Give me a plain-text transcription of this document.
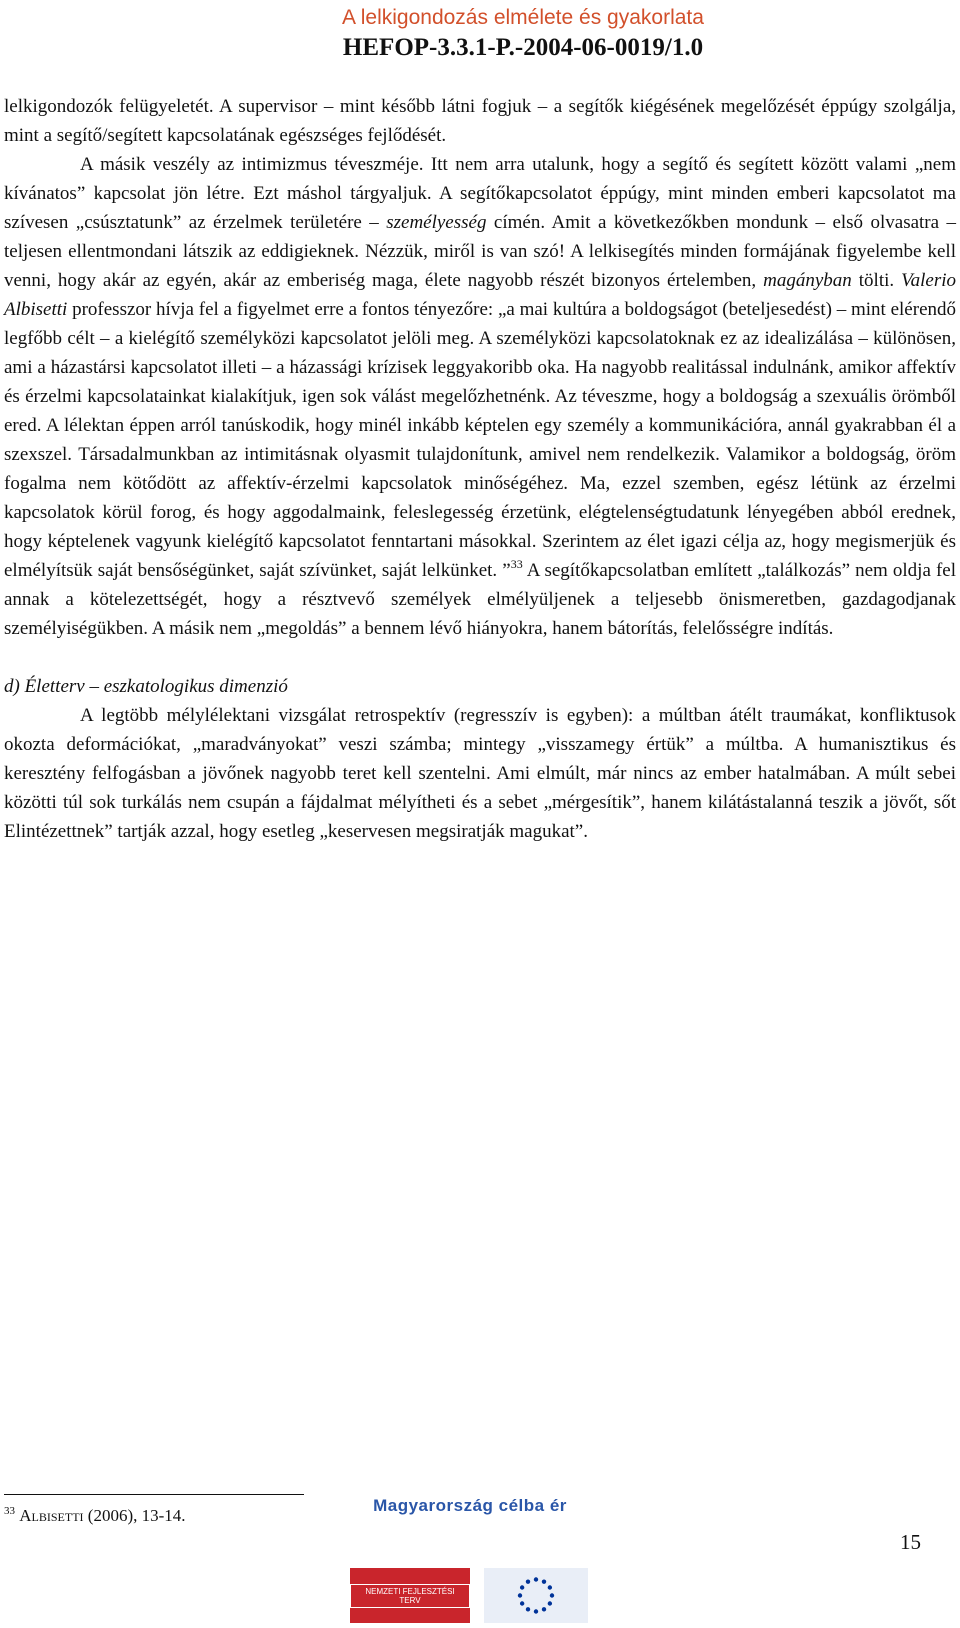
A lelkigondozás elmélete és gyakorlata
HEFOP-3.3.1-P.-2004-06-0019/1.0

lelkigondozók felügyeletét. A supervisor – mint később látni fogjuk – a segítők kiégésének megelőzését éppúgy szolgálja, mint a segítő/segített kapcsolatának egészséges fejlődését.

A másik veszély az intimizmus téveszméje. Itt nem arra utalunk, hogy a segítő és segített között valami „nem kívánatos” kapcsolat jön létre. Ezt máshol tárgyaljuk. A segítőkapcsolatot éppúgy, mint minden emberi kapcsolatot ma szívesen „csúsztatunk” az érzelmek területére – személyesség címén. Amit a következőkben mondunk – első olvasatra – teljesen ellentmondani látszik az eddigieknek. Nézzük, miről is van szó! A lelkisegítés minden formájának figyelembe kell venni, hogy akár az egyén, akár az emberiség maga, élete nagyobb részét bizonyos értelemben, magányban tölti. Valerio Albisetti professzor hívja fel a figyelmet erre a fontos tényezőre: „a mai kultúra a boldogságot (beteljesedést) – mint elérendő legfőbb célt – a kielégítő személyközi kapcsolatot jelöli meg. A személyközi kapcsolatoknak ez az idealizálása – különösen, ami a házastársi kapcsolatot illeti – a házassági krízisek leggyakoribb oka. Ha nagyobb realitással indulnánk, amikor affektív és érzelmi kapcsolatainkat kialakítjuk, igen sok válást megelőzhetnénk. Az téveszme, hogy a boldogság a szexuális örömből ered. A lélektan éppen arról tanúskodik, hogy minél inkább képtelen egy személy a kommunikációra, annál gyakrabban él a szexszel. Társadalmunkban az intimitásnak olyasmit tulajdonítunk, amivel nem rendelkezik. Valamikor a boldogság, öröm fogalma nem kötődött az affektív-érzelmi kapcsolatok minőségéhez. Ma, ezzel szemben, egész létünk az érzelmi kapcsolatok körül forog, és hogy aggodalmaink, feleslegesség érzetünk, elégtelenségtudatunk lényegében abból erednek, hogy képtelenek vagyunk kielégítő kapcsolatot fenntartani másokkal. Szerintem az élet igazi célja az, hogy megismerjük és elmélyítsük saját bensőségünket, saját szívünket, saját lelkünket. ”$^{33}$ A segítőkapcsolatban említett „találkozás” nem oldja fel annak a kötelezettségét, hogy a résztvevő személyek elmélyüljenek a teljesebb önismeretben, gazdagodjanak személyiségükben. A másik nem „megoldás” a bennem lévő hiányokra, hanem bátorítás, felelősségre indítás.

d) Életterv – eszkatologikus dimenzió

A legtöbb mélylélektani vizsgálat retrospektív (regresszív is egyben): a múltban átélt traumákat, konfliktusok okozta deformációkat, „maradványokat” veszi számba; mintegy „visszamegy értük” a múltba. A humanisztikus és keresztény felfogásban a jövőnek nagyobb teret kell szentelni. Ami elmúlt, már nincs az ember hatalmában. A múlt sebei közötti túl sok turkálás nem csupán a fájdalmat mélyítheti és a sebet „mérgesítik”, hanem kilátástalanná teszik a jövőt, sőt Elintézettnek” tartják azzal, hogy esetleg „keservesen megsiratják magukat”.

$^{33}$ Albisetti (2006), 13-14.
Magyarország célba ér
NEMZETI FEJLESZTÉSI TERV
15
